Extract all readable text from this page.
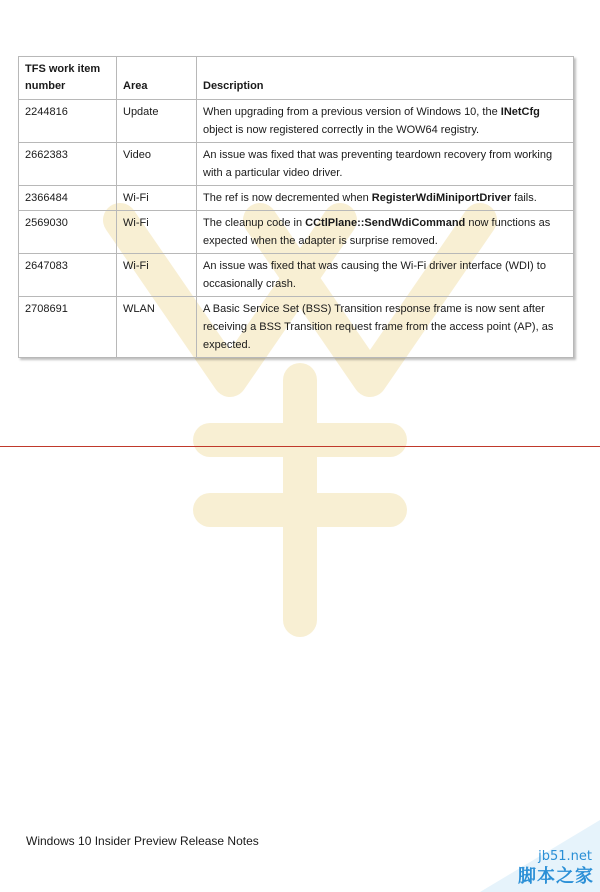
TFS work item number	Area	Description
2244816	Update	When upgrading from a previous version of Windows 10, the INetCfg object is now registered correctly in the WOW64 registry.
2662383	Video	An issue was fixed that was preventing teardown recovery from working with a particular video driver.
2366484	Wi-Fi	The ref is now decremented when RegisterWdiMiniportDriver fails.
2569030	Wi-Fi	The cleanup code in CCtlPlane::SendWdiCommand now functions as expected when the adapter is surprise removed.
2647083	Wi-Fi	An issue was fixed that was causing the Wi-Fi driver interface (WDI) to occasionally crash.
2708691	WLAN	A Basic Service Set (BSS) Transition response frame is now sent after receiving a BSS Transition request frame from the access point (AP), as expected.
Windows 10 Insider Preview Release Notes
jb51.net
脚本之家
